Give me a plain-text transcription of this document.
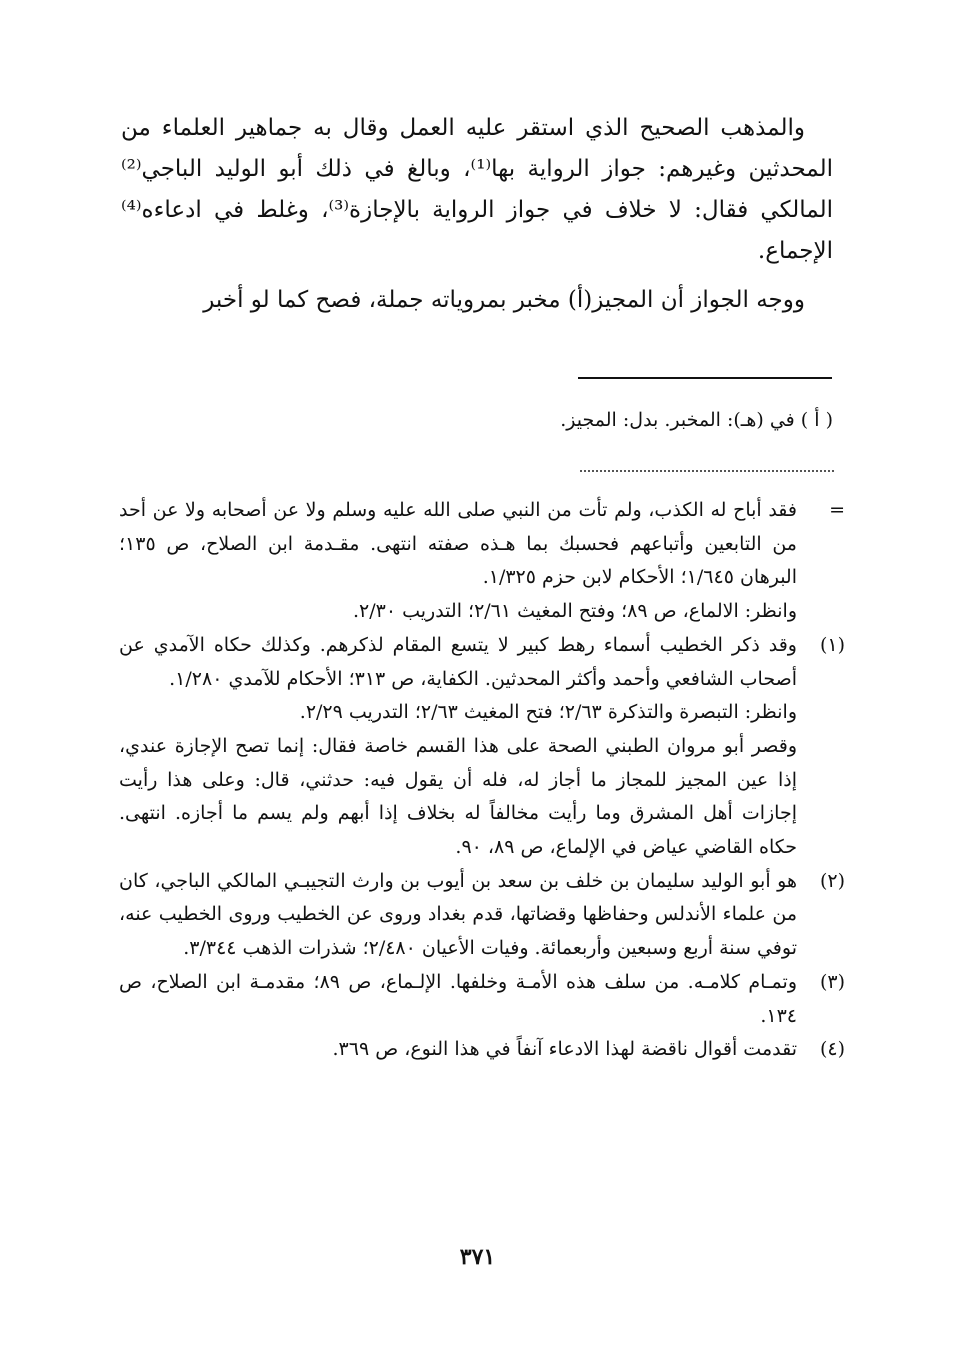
والمذهب الصحيح الذي استقر عليه العمل وقال به جماهير العلماء من المحدثين وغيرهم: جواز الرواية بها⁽¹⁾، وبالغ في ذلك أبو الوليد الباجي⁽²⁾ المالكي فقال: لا خلاف في جواز الرواية بالإجازة⁽³⁾، وغلط في ادعاءه⁽⁴⁾ الإجماع.

ووجه الجواز أن المجيز(أ) مخبر بمروياته جملة، فصح كما لو أخبر

( أ ) في (هـ): المخبر. بدل: المجيز.

=

فقد أباح له الكذب، ولم تأت من النبي صلى الله عليه وسلم ولا عن أصحابه ولا عن أحد من التابعين وأتباعهم فحسبك بما هـذه صفته انتهى. مقـدمة ابن الصلاح، ص ١٣٥؛ البرهان ١/٦٤٥؛ الأحكام لابن حزم ١/٣٢٥.

وانظر: الالماع، ص ٨٩؛ وفتح المغيث ٢/٦١؛ التدريب ٢/٣٠.

(١)

وقد ذكر الخطيب أسماء رهط كبير لا يتسع المقام لذكرهم. وكذلك حكاه الآمدي عن أصحاب الشافعي وأحمد وأكثر المحدثين. الكفاية، ص ٣١٣؛ الأحكام للآمدي ١/٢٨٠.

وانظر: التبصرة والتذكرة ٢/٦٣؛ فتح المغيث ٢/٦٣؛ التدريب ٢/٢٩.

وقصر أبو مروان الطبني الصحة على هذا القسم خاصة فقال: إنما تصح الإجازة عندي، إذا عين المجيز للمجاز ما أجاز له، فله أن يقول فيه: حدثني، قال: وعلى هذا رأيت إجازات أهل المشرق وما رأيت مخالفاً له بخلاف إذا أبهم ولم يسم ما أجازه. انتهى. حكاه القاضي عياض في الإلماع، ص ٨٩، ٩٠.

(٢)

هو أبو الوليد سليمان بن خلف بن سعد بن أيوب بن وارث التجيبـي المالكي الباجي، كان من علماء الأندلس وحفاظها وقضاتها، قدم بغداد وروى عن الخطيب وروى الخطيب عنه، توفي سنة أربع وسبعين وأربعمائة. وفيات الأعيان ٢/٤٨٠؛ شذرات الذهب ٣/٣٤٤.

(٣)

وتمـام كلامـه. من سلف هذه الأمـة وخلفها. الإلـماع، ص ٨٩؛ مقدمـة ابن الصلاح، ص ١٣٤.

(٤)

تقدمت أقوال ناقضة لهذا الادعاء آنفاً في هذا النوع، ص ٣٦٩.

٣٧١
